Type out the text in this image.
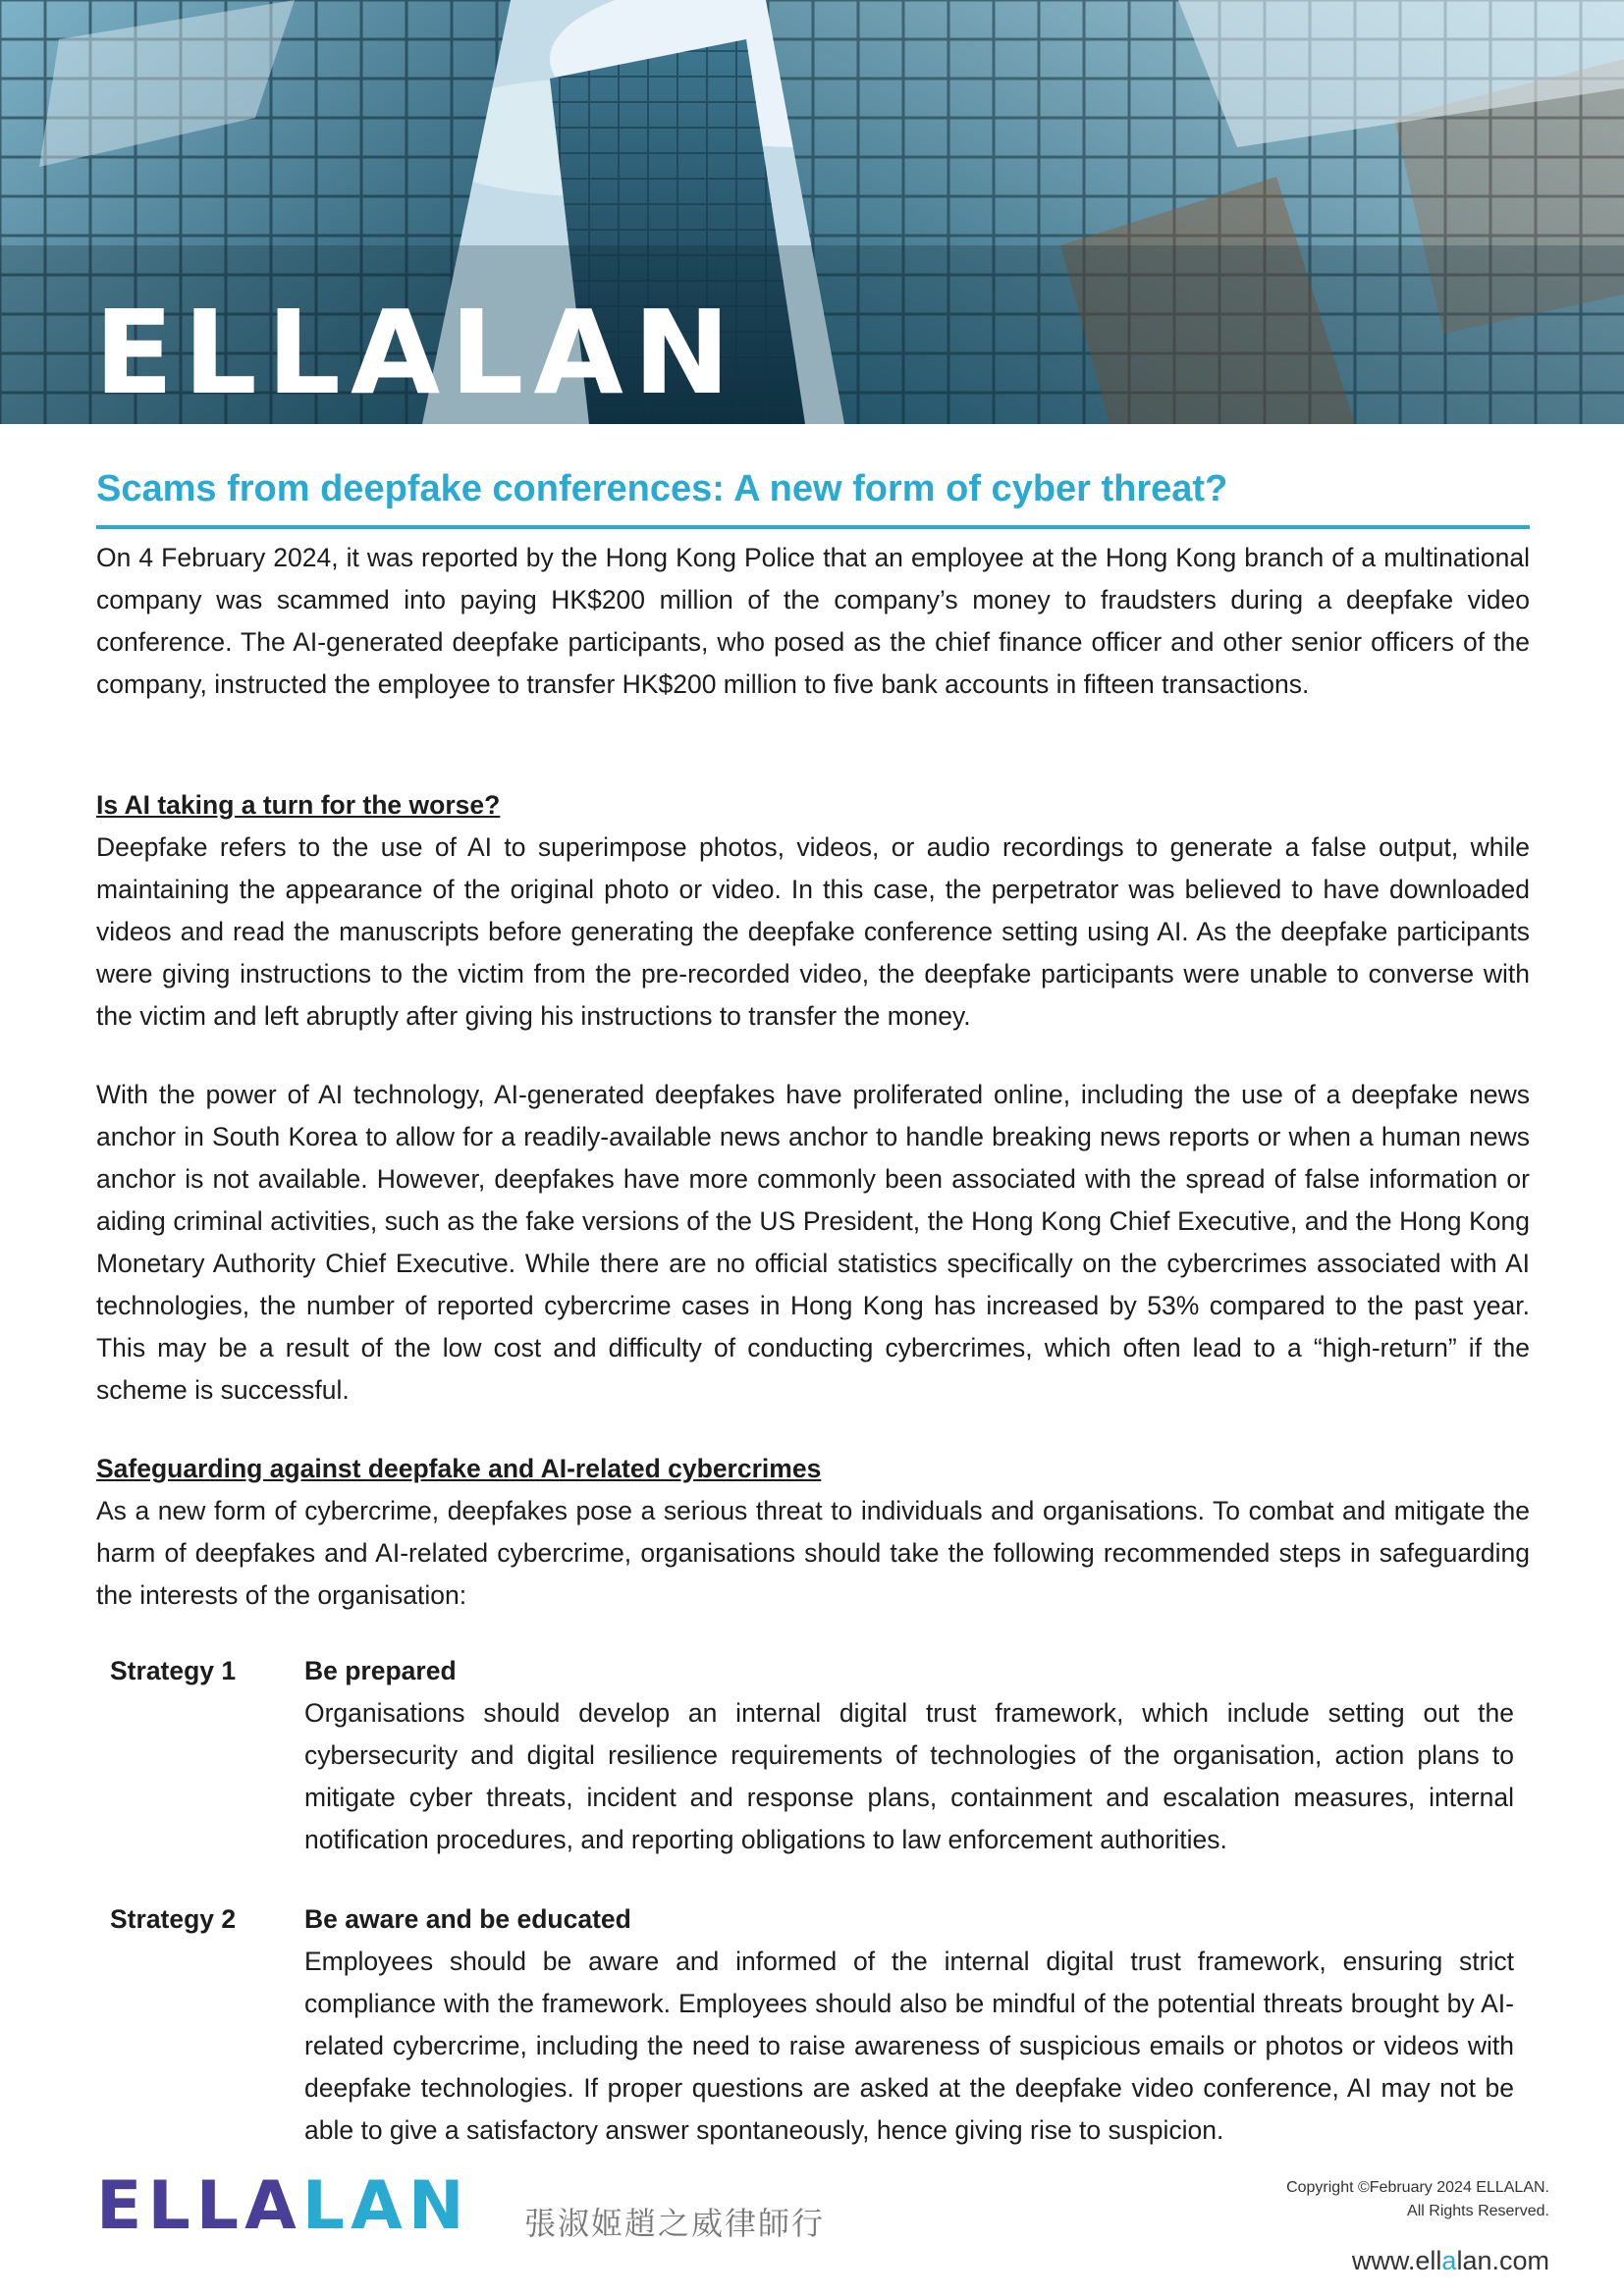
ELLALAN
Scams from deepfake conferences: A new form of cyber threat?

On 4 February 2024, it was reported by the Hong Kong Police that an employee at the Hong Kong branch of a multinational company was scammed into paying HK$200 million of the company’s money to fraudsters during a deepfake video conference. The AI-generated deepfake participants, who posed as the chief finance officer and other senior officers of the company, instructed the employee to transfer HK$200 million to five bank accounts in fifteen transactions.

Is AI taking a turn for the worse?

Deepfake refers to the use of AI to superimpose photos, videos, or audio recordings to generate a false output, while maintaining the appearance of the original photo or video. In this case, the perpetrator was believed to have downloaded videos and read the manuscripts before generating the deepfake conference setting using AI. As the deepfake participants were giving instructions to the victim from the pre-recorded video, the deepfake participants were unable to converse with the victim and left abruptly after giving his instructions to transfer the money.

With the power of AI technology, AI-generated deepfakes have proliferated online, including the use of a deepfake news anchor in South Korea to allow for a readily-available news anchor to handle breaking news reports or when a human news anchor is not available. However, deepfakes have more commonly been associated with the spread of false information or aiding criminal activities, such as the fake versions of the US President, the Hong Kong Chief Executive, and the Hong Kong Monetary Authority Chief Executive. While there are no official statistics specifically on the cybercrimes associated with AI technologies, the number of reported cybercrime cases in Hong Kong has increased by 53% compared to the past year. This may be a result of the low cost and difficulty of conducting cybercrimes, which often lead to a “high-return” if the scheme is successful.

Safeguarding against deepfake and AI-related cybercrimes

As a new form of cybercrime, deepfakes pose a serious threat to individuals and organisations. To combat and mitigate the harm of deepfakes and AI-related cybercrime, organisations should take the following recommended steps in safeguarding the interests of the organisation:

Strategy 1	Be prepared

Organisations should develop an internal digital trust framework, which include setting out the cybersecurity and digital resilience requirements of technologies of the organisation, action plans to mitigate cyber threats, incident and response plans, containment and escalation measures, internal notification procedures, and reporting obligations to law enforcement authorities.

Strategy 2	Be aware and be educated

Employees should be aware and informed of the internal digital trust framework, ensuring strict compliance with the framework. Employees should also be mindful of the potential threats brought by AI-related cybercrime, including the need to raise awareness of suspicious emails or photos or videos with deepfake technologies. If proper questions are asked at the deepfake video conference, AI may not be able to give a satisfactory answer spontaneously, hence giving rise to suspicion.

ELLALAN 張淑姬趙之威律師行
Copyright ©February 2024 ELLALAN.
All Rights Reserved.
www.ellalan.com
